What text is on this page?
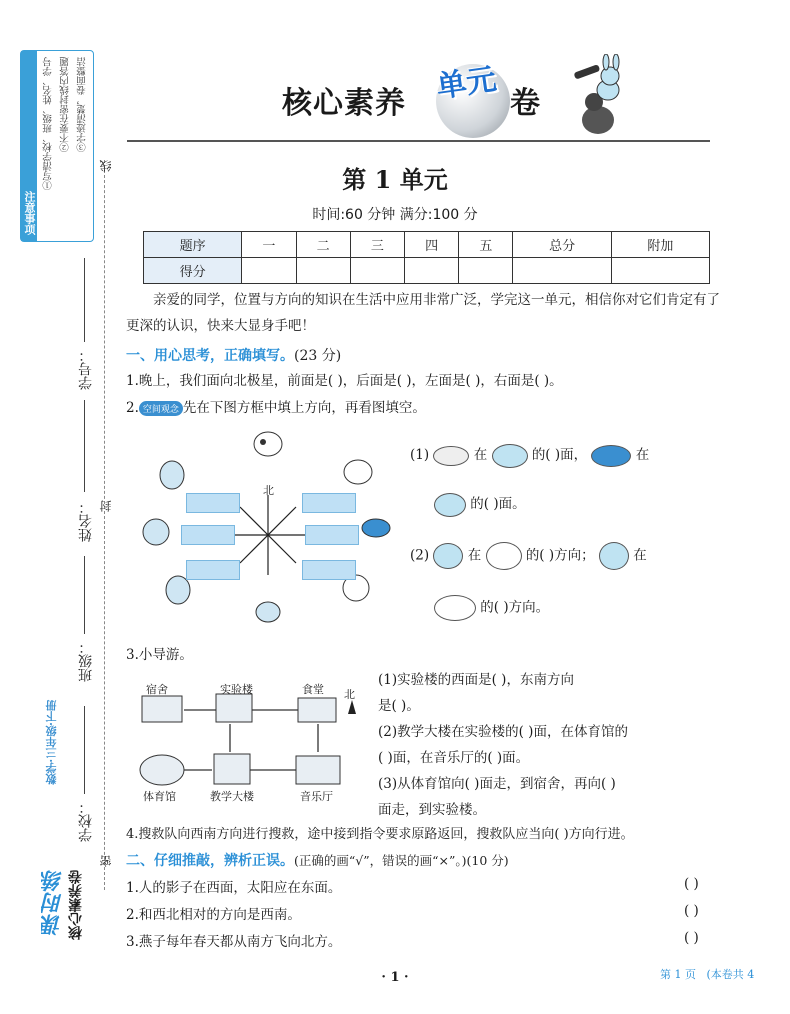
注意事项
①写清学校、班级、姓名、学号 ②不要在密封线内答题 ③字迹清楚，卷面整洁
线
封
密
学号：
姓名：
班级：
学校：
数学·三年级·下册
课时练 核心素养卷
核心素养 单元 卷
第 1 单元
时间:60 分钟 满分:100 分
题序	一	二	三	四	五	总分	附加
得分							
亲爱的同学，位置与方向的知识在生活中应用非常广泛，学完这一单元，相信你对它们肯定有了更深的认识，快来大显身手吧！
一、用心思考，正确填写。(23 分)
1.晚上，我们面向北极星，前面是( )，后面是( )，左面是( )，右面是( )。
2. 空间观念 先在下图方框中填上方向，再看图填空。
北
(1)	在	的( )面，	在
的( )面。
(2)	在	的( )方向；	在
的( )方向。
3.小导游。
宿舍	实验楼	食堂 北
体育馆	教学大楼	音乐厅
(1)实验楼的西面是( )，东南方向
是( )。
(2)教学大楼在实验楼的( )面，在体育馆的
( )面，在音乐厅的( )面。
(3)从体育馆向( )面走，到宿舍，再向( )
面走，到实验楼。
4.搜救队向西南方向进行搜救，途中接到指令要求原路返回，搜救队应当向( )方向行进。
二、仔细推敲，辨析正误。(正确的画“√”，错误的画“×”。)(10 分)
1.人的影子在西面，太阳应在东面。	( )
2.和西北相对的方向是西南。	( )
3.燕子每年春天都从南方飞向北方。	( )
· 1 ·	第 1 页 (本卷共 4
